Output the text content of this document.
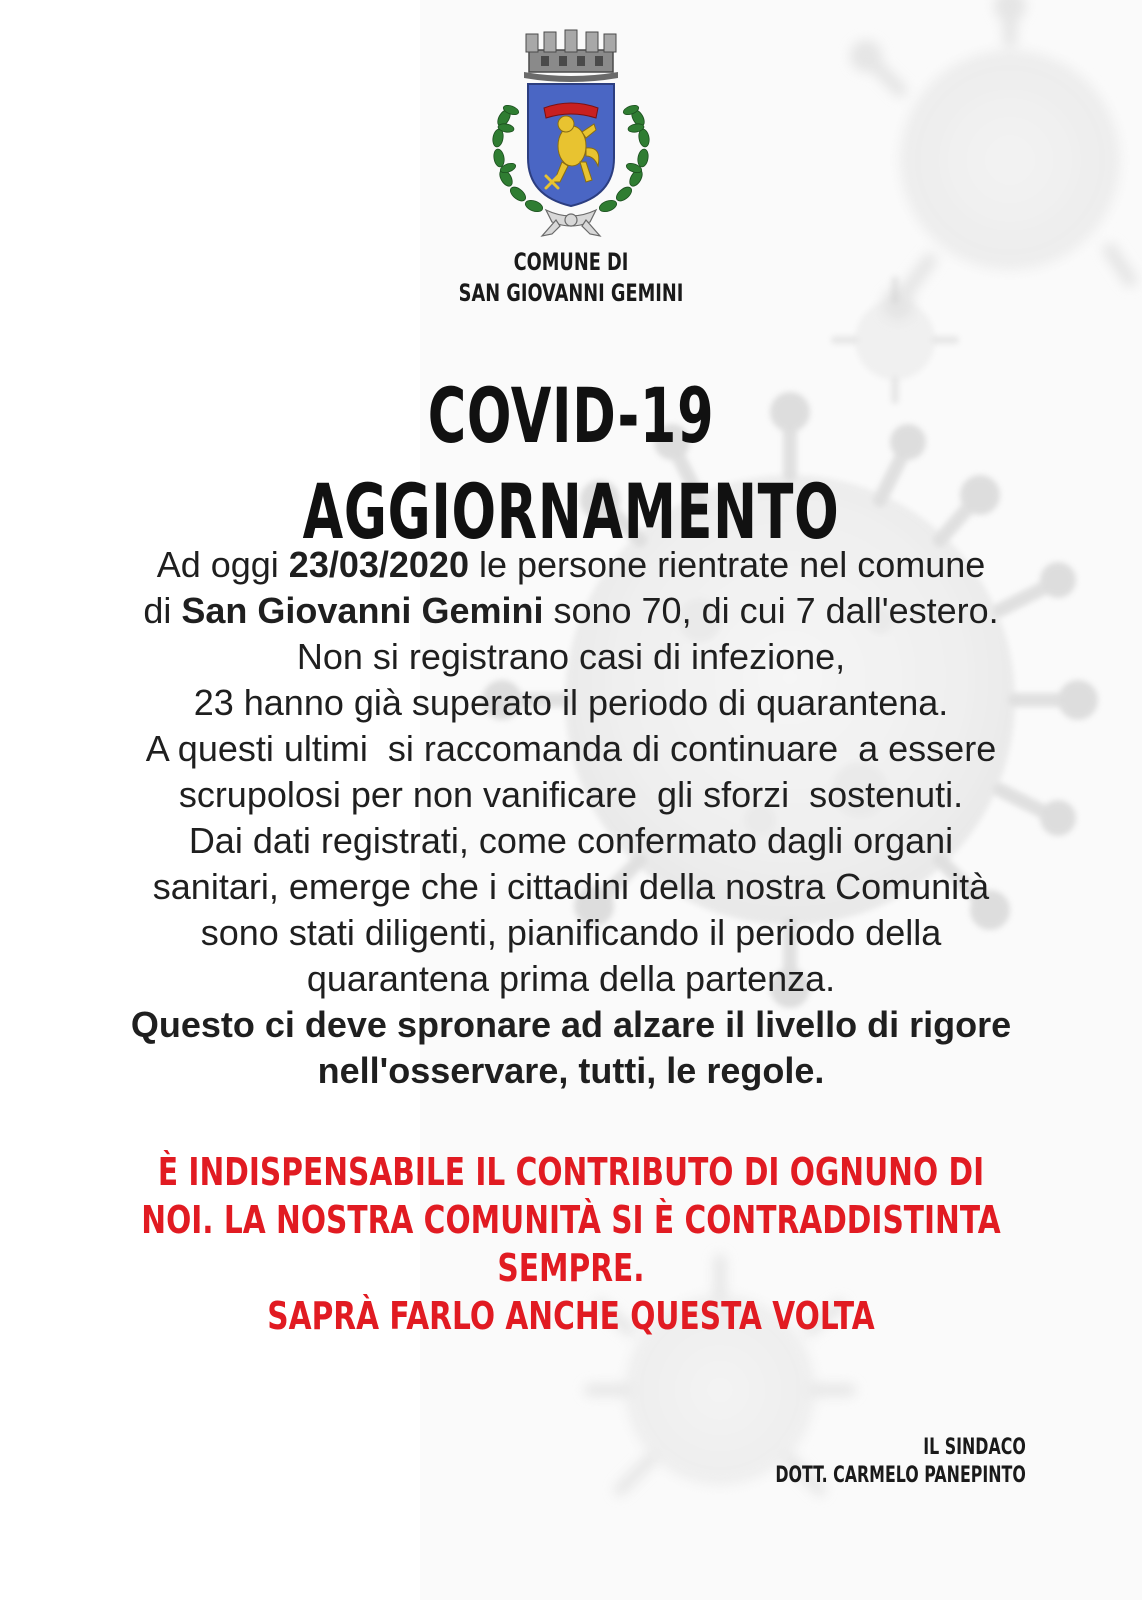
COMUNE DI
SAN GIOVANNI GEMINI
COVID-19 AGGIORNAMENTO
Ad oggi 23/03/2020 le persone rientrate nel comune
di San Giovanni Gemini sono 70, di cui 7 dall'estero.
Non si registrano casi di infezione,
23 hanno già superato il periodo di quarantena.
A questi ultimi  si raccomanda di continuare  a essere
scrupolosi per non vanificare  gli sforzi  sostenuti.
Dai dati registrati, come confermato dagli organi
sanitari, emerge che i cittadini della nostra Comunità
sono stati diligenti, pianificando il periodo della
quarantena prima della partenza.
Questo ci deve spronare ad alzare il livello di rigore
nell'osservare, tutti, le regole.
È INDISPENSABILE IL CONTRIBUTO DI OGNUNO DI
NOI. LA NOSTRA COMUNITÀ SI È CONTRADDISTINTA
SEMPRE.
SAPRÀ FARLO ANCHE QUESTA VOLTA
IL SINDACO
DOTT. CARMELO PANEPINTO
